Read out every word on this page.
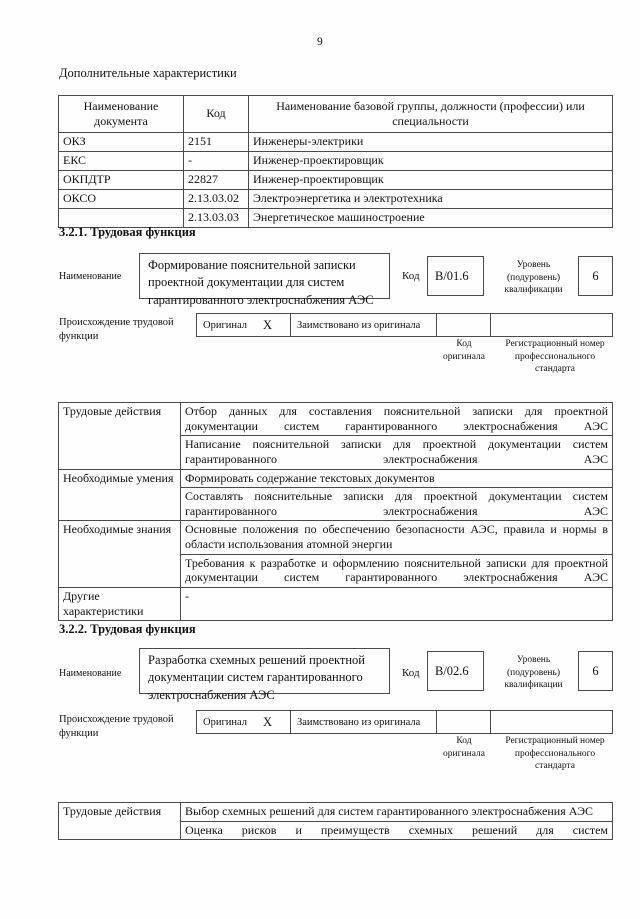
9
Дополнительные характеристики
Наименование документа	Код	Наименование базовой группы, должности (профессии) или специальности
ОКЗ	2151	Инженеры-электрики
ЕКС	-	Инженер-проектировщик
ОКПДТР	22827	Инженер-проектировщик
ОКСО	2.13.03.02	Электроэнергетика и электротехника
	2.13.03.03	Энергетическое машиностроение
3.2.1. Трудовая функция
Наименование
Формирование пояснительной записки проектной документации для систем гарантированного электроснабжения АЭС
Код	B/01.6
Уровень
(подуровень)
квалификации
6
Происхождение трудовой функции
Оригинал X	Заимствовано из оригинала		
Код оригинала
Регистрационный номер профессионального стандарта
Трудовые действия	Отбор данных для составления пояснительной записки для проектной документации систем гарантированного электроснабжения АЭС
	Написание пояснительной записки для проектной документации систем гарантированного электроснабжения АЭС
Необходимые умения	Формировать содержание текстовых документов
	Составлять пояснительные записки для проектной документации систем гарантированного электроснабжения АЭС
Необходимые знания	Основные положения по обеспечению безопасности АЭС, правила и нормы в области использования атомной энергии
	Требования к разработке и оформлению пояснительной записки для проектной документации систем гарантированного электроснабжения АЭС
Другие характеристики	-
3.2.2. Трудовая функция
Наименование
Разработка схемных решений проектной документации систем гарантированного электроснабжения АЭС
Код	B/02.6
Уровень
(подуровень)
квалификации
6
Происхождение трудовой функции
Оригинал X	Заимствовано из оригинала		
Код оригинала
Регистрационный номер профессионального стандарта
Трудовые действия	Выбор схемных решений для систем гарантированного электроснабжения АЭС
Оценка рисков и преимуществ схемных решений для систем
